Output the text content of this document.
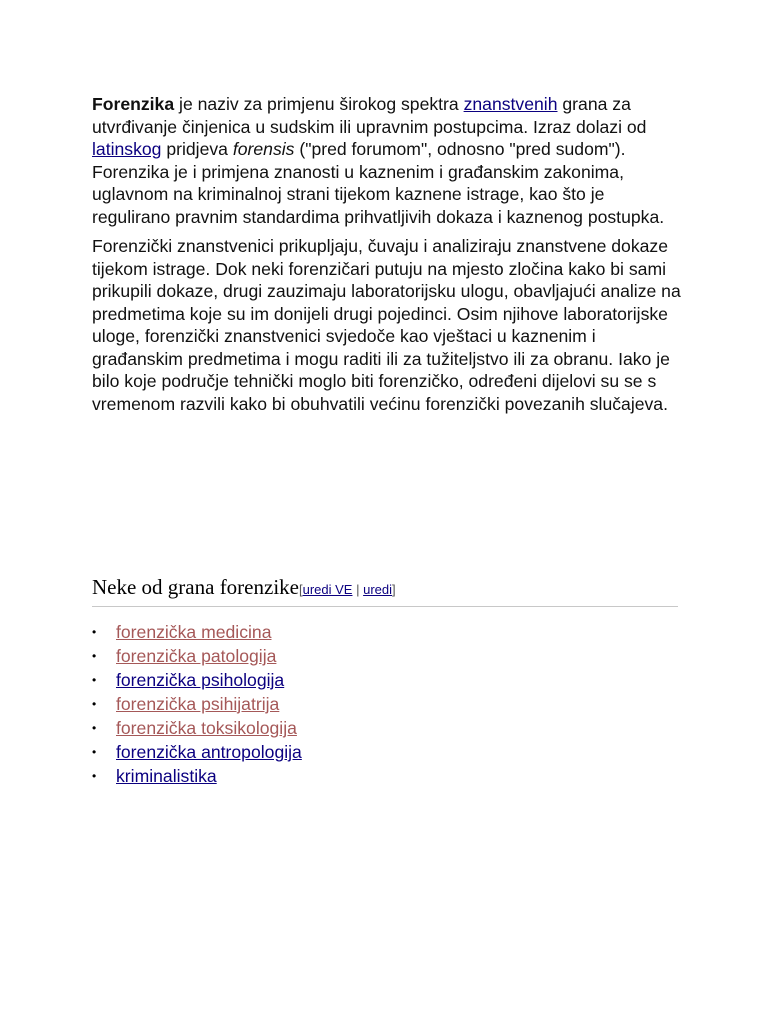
Forenzika je naziv za primjenu širokog spektra znanstvenih grana za utvrđivanje činjenica u sudskim ili upravnim postupcima. Izraz dolazi od latinskog pridjeva forensis ("pred forumom", odnosno "pred sudom"). Forenzika je i primjena znanosti u kaznenim i građanskim zakonima, uglavnom na kriminalnoj strani tijekom kaznene istrage, kao što je regulirano pravnim standardima prihvatljivih dokaza i kaznenog postupka.

Forenzički znanstvenici prikupljaju, čuvaju i analiziraju znanstvene dokaze tijekom istrage. Dok neki forenzičari putuju na mjesto zločina kako bi sami prikupili dokaze, drugi zauzimaju laboratorijsku ulogu, obavljajući analize na predmetima koje su im donijeli drugi pojedinci. Osim njihove laboratorijske uloge, forenzički znanstvenici svjedoče kao vještaci u kaznenim i građanskim predmetima i mogu raditi ili za tužiteljstvo ili za obranu. Iako je bilo koje područje tehnički moglo biti forenzičko, određeni dijelovi su se s vremenom razvili kako bi obuhvatili većinu forenzički povezanih slučajeva.

Neke od grana forenzike[uredi VE | uredi]
• forenzička medicina
• forenzička patologija
• forenzička psihologija
• forenzička psihijatrija
• forenzička toksikologija
• forenzička antropologija
• kriminalistika
